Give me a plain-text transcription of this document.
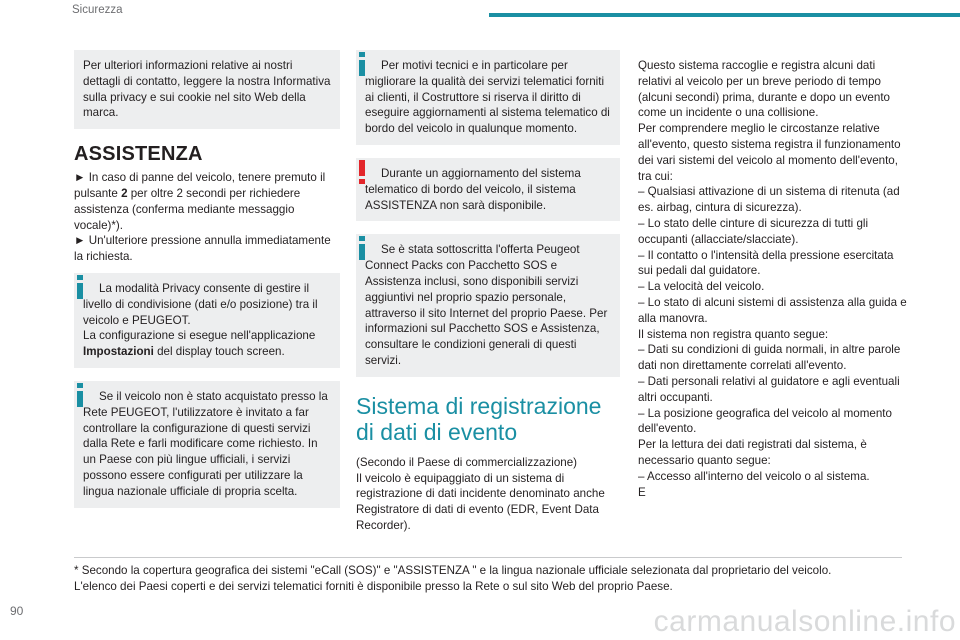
Sicurezza

Per ulteriori informazioni relative ai nostri dettagli di contatto, leggere la nostra Informativa sulla privacy e sui cookie nel sito Web della marca.

ASSISTENZA

► In caso di panne del veicolo, tenere premuto il pulsante 2 per oltre 2 secondi per richiedere assistenza (conferma mediante messaggio vocale)*).

► Un'ulteriore pressione annulla immediatamente la richiesta.

La modalità Privacy consente di gestire il livello di condivisione (dati e/o posizione) tra il veicolo e PEUGEOT.

La configurazione si esegue nell'applicazione Impostazioni del display touch screen.

Se il veicolo non è stato acquistato presso la Rete PEUGEOT, l'utilizzatore è invitato a far controllare la configurazione di questi servizi dalla Rete e farli modificare come richiesto. In un Paese con più lingue ufficiali, i servizi possono essere configurati per utilizzare la lingua nazionale ufficiale di propria scelta.

Per motivi tecnici e in particolare per migliorare la qualità dei servizi telematici forniti ai clienti, il Costruttore si riserva il diritto di eseguire aggiornamenti al sistema telematico di bordo del veicolo in qualunque momento.

Durante un aggiornamento del sistema telematico di bordo del veicolo, il sistema ASSISTENZA non sarà disponibile.

Se è stata sottoscritta l'offerta Peugeot Connect Packs con Pacchetto SOS e Assistenza inclusi, sono disponibili servizi aggiuntivi nel proprio spazio personale, attraverso il sito Internet del proprio Paese. Per informazioni sul Pacchetto SOS e Assistenza, consultare le condizioni generali di questi servizi.

Sistema di registrazione di dati di evento

(Secondo il Paese di commercializzazione)

Il veicolo è equipaggiato di un sistema di registrazione di dati incidente denominato anche Registratore di dati di evento (EDR, Event Data Recorder).

Questo sistema raccoglie e registra alcuni dati relativi al veicolo per un breve periodo di tempo (alcuni secondi) prima, durante e dopo un evento come un incidente o una collisione.

Per comprendere meglio le circostanze relative all'evento, questo sistema registra il funzionamento dei vari sistemi del veicolo al momento dell'evento, tra cui:

– Qualsiasi attivazione di un sistema di ritenuta (ad es. airbag, cintura di sicurezza).

– Lo stato delle cinture di sicurezza di tutti gli occupanti (allacciate/slacciate).

– Il contatto o l'intensità della pressione esercitata sui pedali dal guidatore.

– La velocità del veicolo.

– Lo stato di alcuni sistemi di assistenza alla guida e alla manovra.

Il sistema non registra quanto segue:

– Dati su condizioni di guida normali, in altre parole dati non direttamente correlati all'evento.

– Dati personali relativi al guidatore e agli eventuali altri occupanti.

– La posizione geografica del veicolo al momento dell'evento.

Per la lettura dei dati registrati dal sistema, è necessario quanto segue:

– Accesso all'interno del veicolo o al sistema.

E

* Secondo la copertura geografica dei sistemi "eCall (SOS)" e "ASSISTENZA " e la lingua nazionale ufficiale selezionata dal proprietario del veicolo.

L'elenco dei Paesi coperti e dei servizi telematici forniti è disponibile presso la Rete o sul sito Web del proprio Paese.

90	carmanualsonline.info
